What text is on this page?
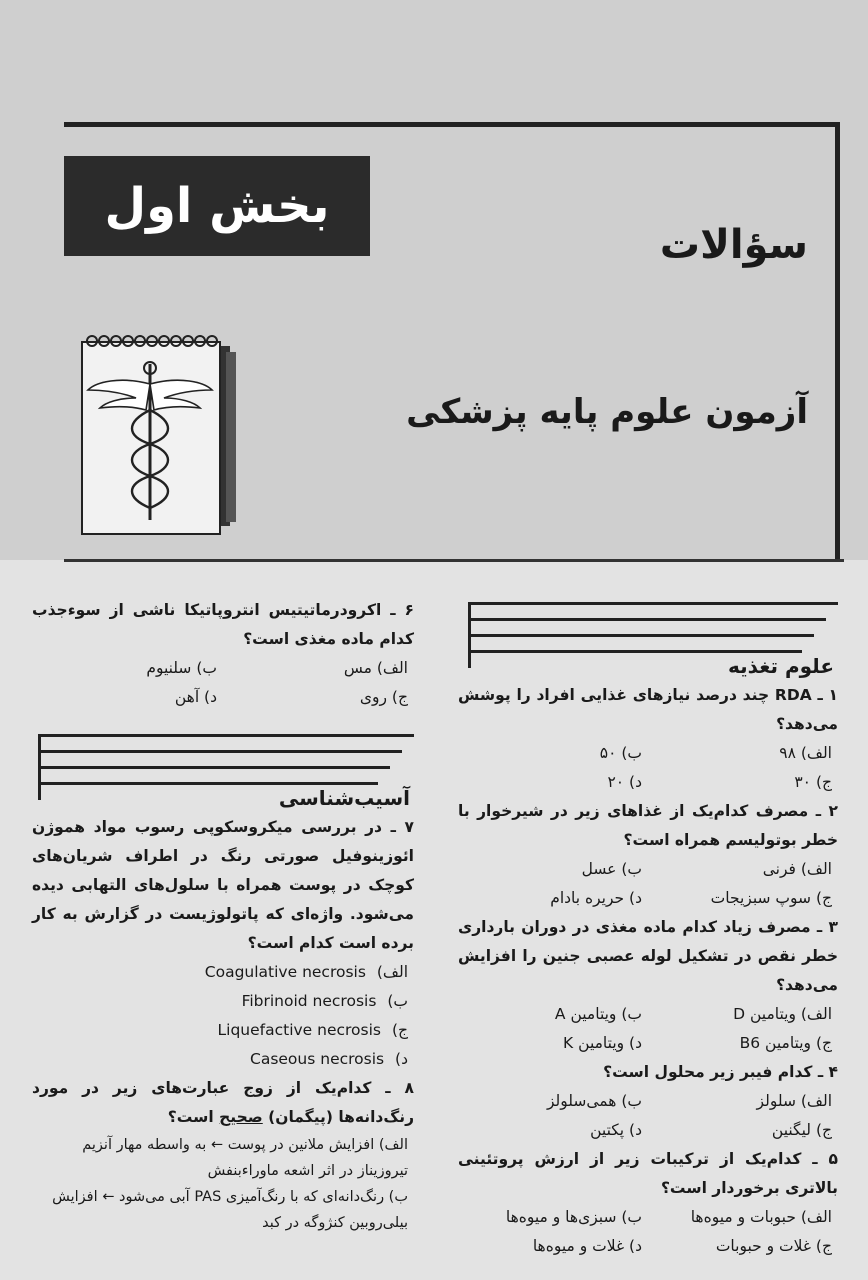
بخش اول
سؤالات
آزمون علوم پایه پزشکی
علوم تغذیه
۱ ـ RDA چند درصد نیازهای غذایی افراد را پوشش می‌دهد؟
الف) ۹۸
ب) ۵۰
ج) ۳۰
د) ۲۰
۲ ـ مصرف کدام‌یک از غذاهای زیر در شیرخوار با خطر بوتولیسم همراه است؟
الف) فرنی
ب) عسل
ج) سوپ سبزیجات
د) حریره بادام
۳ ـ مصرف زیاد کدام ماده مغذی در دوران بارداری خطر نقص در تشکیل لوله عصبی جنین را افزایش می‌دهد؟
الف) ویتامین D
ب) ویتامین A
ج) ویتامین B6
د) ویتامین K
۴ ـ کدام فیبر زیر محلول است؟
الف) سلولز
ب) همی‌سلولز
ج) لیگنین
د) پکتین
۵ ـ کدام‌یک از ترکیبات زیر از ارزش پروتئینی بالاتری برخوردار است؟
الف) حبوبات و میوه‌ها
ب) سبزی‌ها و میوه‌ها
ج) غلات و حبوبات
د) غلات و میوه‌ها
۶ ـ اکرودرماتیتیس انتروپاتیکا ناشی از سوء‌جذب کدام ماده مغذی است؟
الف) مس
ب) سلنیوم
ج) روی
د) آهن
آسیب‌شناسی
۷ ـ در بررسی میکروسکوپی رسوب مواد هموژن ائوزینوفیل صورتی رنگ در اطراف شریان‌های کوچک در پوست همراه با سلول‌های التهابی دیده می‌شود. واژه‌ای که پاتولوژیست در گزارش به کار برده است کدام است؟
الف) Coagulative necrosis
ب) Fibrinoid necrosis
ج) Liquefactive necrosis
د) Caseous necrosis
۸ ـ کدام‌یک از زوج عبارت‌های زیر در مورد رنگ‌دانه‌ها (پیگمان) صحیح است؟
الف) افزایش ملانین در پوست ← به واسطه مهار آنزیم تیروزیناز در اثر اشعه ماوراءبنفش
ب) رنگ‌دانه‌ای که با رنگ‌آمیزی PAS آبی می‌شود ← افزایش بیلی‌روبین کنژوگه در کبد
